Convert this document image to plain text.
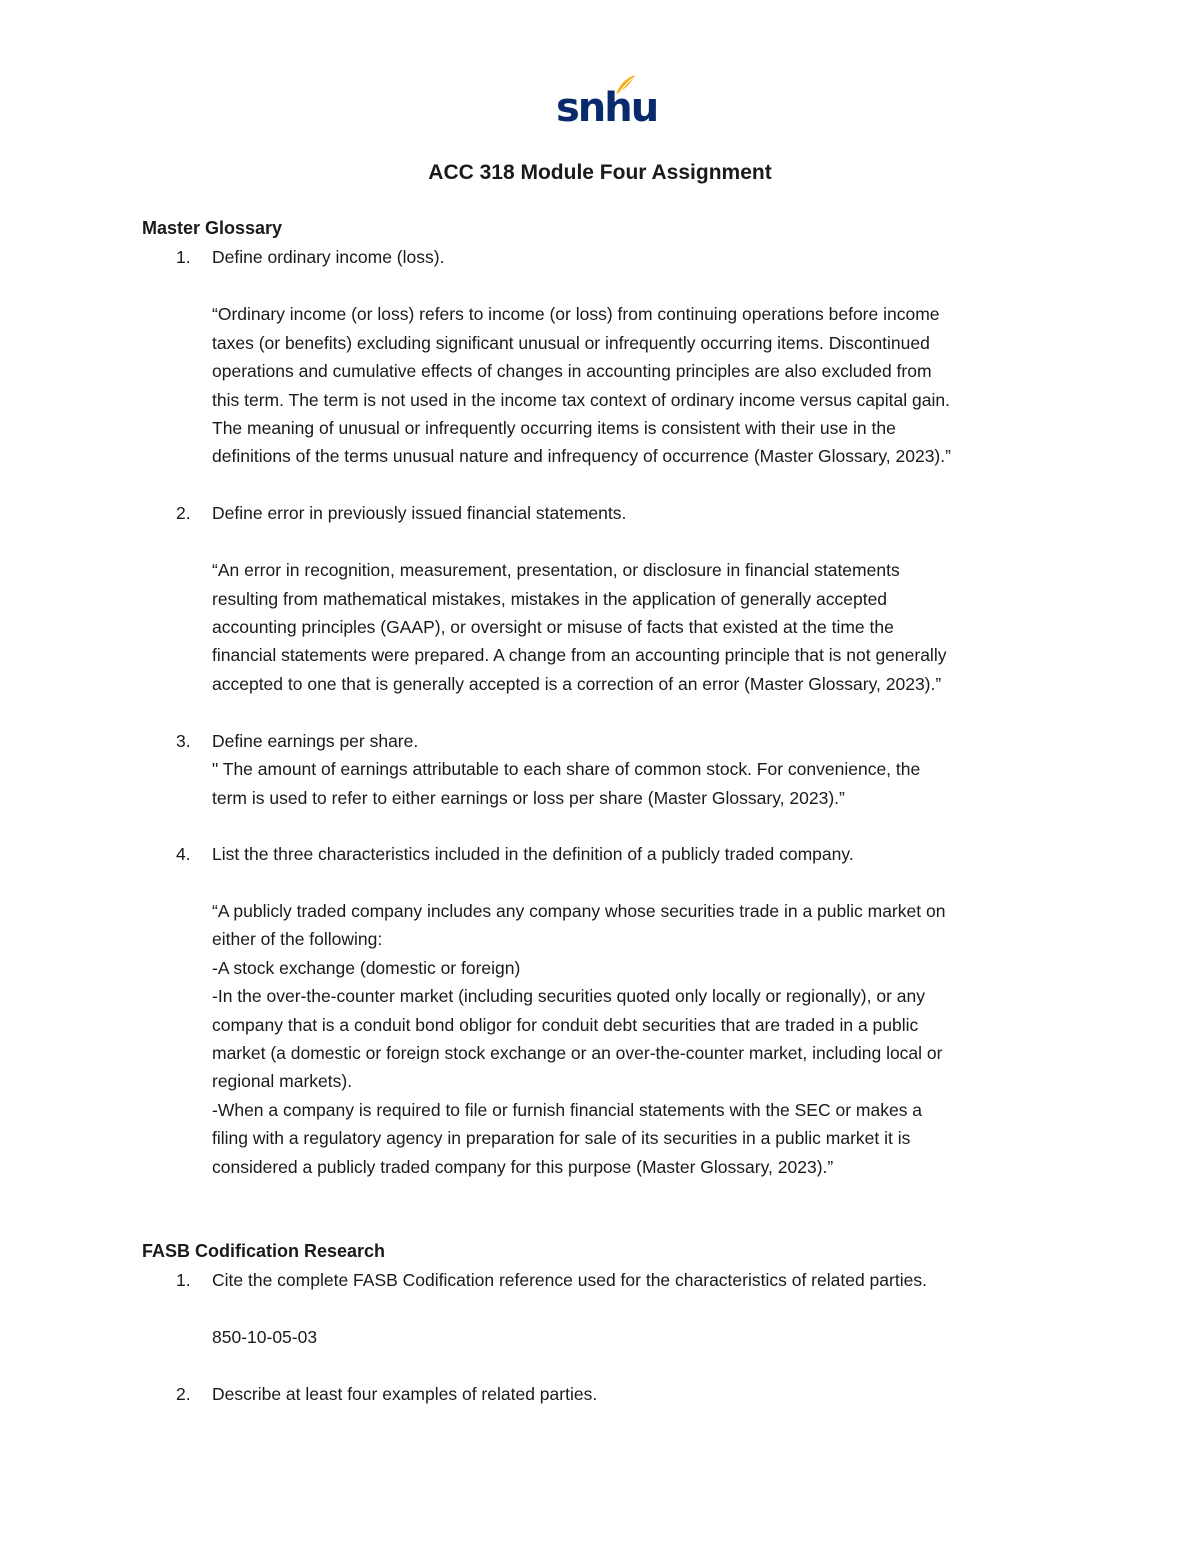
snhu
ACC 318 Module Four Assignment
Master Glossary
1. Define ordinary income (loss).
“Ordinary income (or loss) refers to income (or loss) from continuing operations before income
taxes (or benefits) excluding significant unusual or infrequently occurring items. Discontinued
operations and cumulative effects of changes in accounting principles are also excluded from
this term. The term is not used in the income tax context of ordinary income versus capital gain.
The meaning of unusual or infrequently occurring items is consistent with their use in the
definitions of the terms unusual nature and infrequency of occurrence (Master Glossary, 2023).”
2. Define error in previously issued financial statements.
“An error in recognition, measurement, presentation, or disclosure in financial statements
resulting from mathematical mistakes, mistakes in the application of generally accepted
accounting principles (GAAP), or oversight or misuse of facts that existed at the time the
financial statements were prepared. A change from an accounting principle that is not generally
accepted to one that is generally accepted is a correction of an error (Master Glossary, 2023).”
3. Define earnings per share.
" The amount of earnings attributable to each share of common stock. For convenience, the
term is used to refer to either earnings or loss per share (Master Glossary, 2023).”
4. List the three characteristics included in the definition of a publicly traded company.
“A publicly traded company includes any company whose securities trade in a public market on
either of the following:
-A stock exchange (domestic or foreign)
-In the over-the-counter market (including securities quoted only locally or regionally), or any
company that is a conduit bond obligor for conduit debt securities that are traded in a public
market (a domestic or foreign stock exchange or an over-the-counter market, including local or
regional markets).
-When a company is required to file or furnish financial statements with the SEC or makes a
filing with a regulatory agency in preparation for sale of its securities in a public market it is
considered a publicly traded company for this purpose (Master Glossary, 2023).”
FASB Codification Research
1. Cite the complete FASB Codification reference used for the characteristics of related parties.
850-10-05-03
2. Describe at least four examples of related parties.
